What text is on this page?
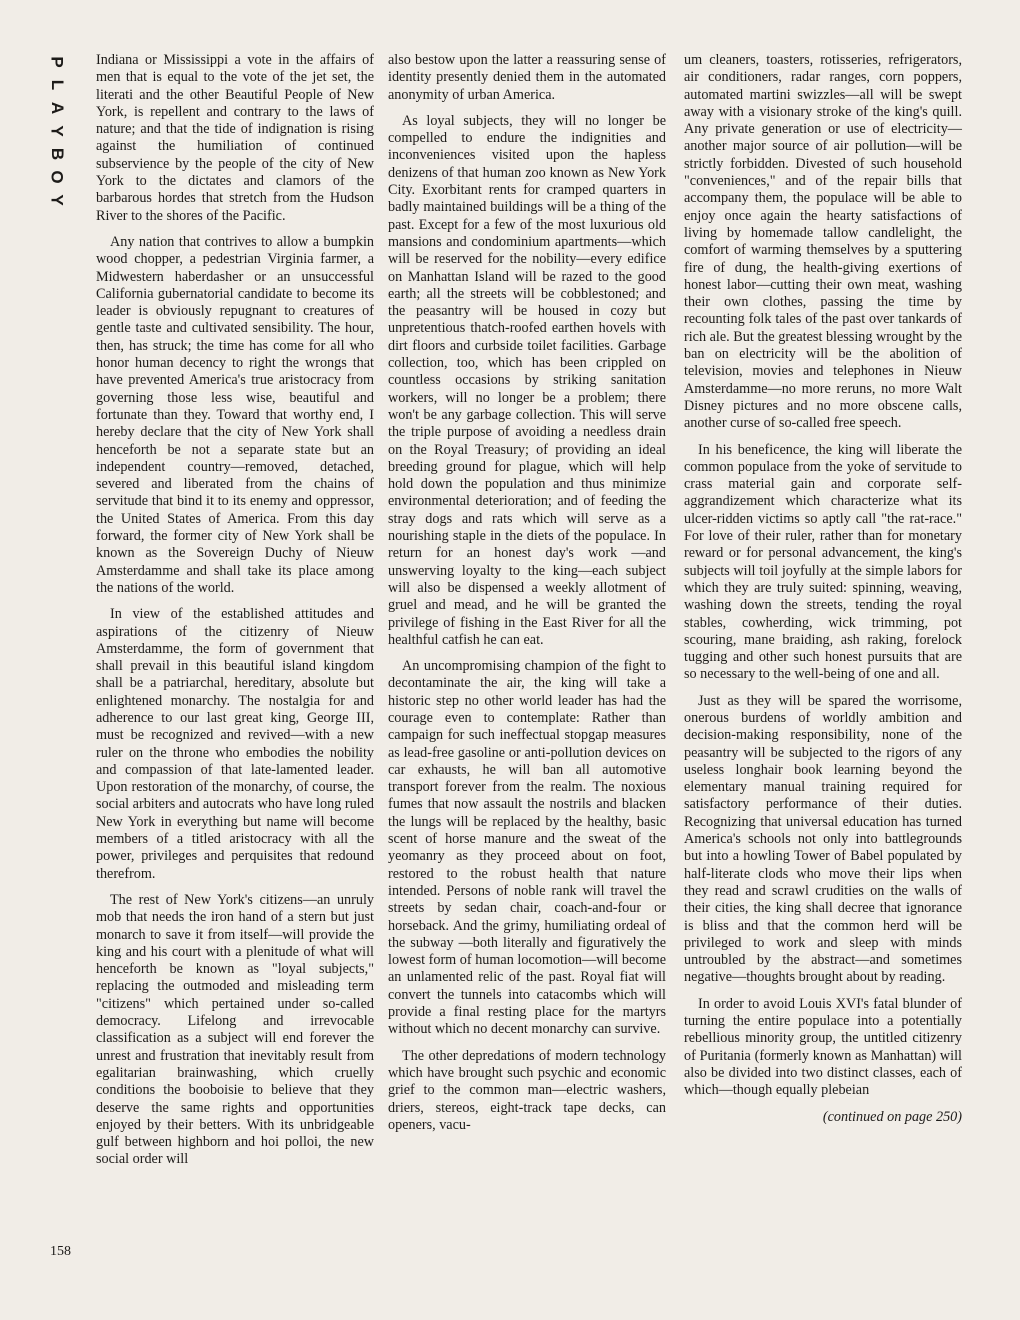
P
L
A
Y
B
O
Y
158

Indiana or Mississippi a vote in the affairs of men that is equal to the vote of the jet set, the literati and the other Beautiful People of New York, is repellent and contrary to the laws of nature; and that the tide of indignation is rising against the humiliation of continued subservience by the people of the city of New York to the dictates and clamors of the barbarous hordes that stretch from the Hudson River to the shores of the Pacific.

Any nation that contrives to allow a bumpkin wood chopper, a pedestrian Virginia farmer, a Midwestern haberdasher or an unsuccessful California gubernatorial candidate to become its leader is obviously repugnant to creatures of gentle taste and cultivated sensibility. The hour, then, has struck; the time has come for all who honor human decency to right the wrongs that have prevented America's true aristocracy from governing those less wise, beautiful and fortunate than they. Toward that worthy end, I hereby declare that the city of New York shall henceforth be not a separate state but an independent country—removed, detached, severed and liberated from the chains of servitude that bind it to its enemy and oppressor, the United States of America. From this day forward, the former city of New York shall be known as the Sovereign Duchy of Nieuw Amsterdamme and shall take its place among the nations of the world.

In view of the established attitudes and aspirations of the citizenry of Nieuw Amsterdamme, the form of government that shall prevail in this beautiful island kingdom shall be a patriarchal, hereditary, absolute but enlightened monarchy. The nostalgia for and adherence to our last great king, George III, must be recognized and revived—with a new ruler on the throne who embodies the nobility and compassion of that late-lamented leader. Upon restoration of the monarchy, of course, the social arbiters and autocrats who have long ruled New York in everything but name will become members of a titled aristocracy with all the power, privileges and perquisites that redound therefrom.

The rest of New York's citizens—an unruly mob that needs the iron hand of a stern but just monarch to save it from itself—will provide the king and his court with a plenitude of what will henceforth be known as "loyal subjects," replacing the outmoded and misleading term "citizens" which pertained under so-called democracy. Lifelong and irrevocable classification as a subject will end forever the unrest and frustration that inevitably result from egalitarian brainwashing, which cruelly conditions the booboisie to believe that they deserve the same rights and opportunities enjoyed by their betters. With its unbridgeable gulf between highborn and hoi polloi, the new social order will

also bestow upon the latter a reassuring sense of identity presently denied them in the automated anonymity of urban America.

As loyal subjects, they will no longer be compelled to endure the indignities and inconveniences visited upon the hapless denizens of that human zoo known as New York City. Exorbitant rents for cramped quarters in badly maintained buildings will be a thing of the past. Except for a few of the most luxurious old mansions and condominium apartments—which will be reserved for the nobility—every edifice on Manhattan Island will be razed to the good earth; all the streets will be cobblestoned; and the peasantry will be housed in cozy but unpretentious thatch-roofed earthen hovels with dirt floors and curbside toilet facilities. Garbage collection, too, which has been crippled on countless occasions by striking sanitation workers, will no longer be a problem; there won't be any garbage collection. This will serve the triple purpose of avoiding a needless drain on the Royal Treasury; of providing an ideal breeding ground for plague, which will help hold down the population and thus minimize environmental deterioration; and of feeding the stray dogs and rats which will serve as a nourishing staple in the diets of the populace. In return for an honest day's work —and unswerving loyalty to the king—each subject will also be dispensed a weekly allotment of gruel and mead, and he will be granted the privilege of fishing in the East River for all the healthful catfish he can eat.

An uncompromising champion of the fight to decontaminate the air, the king will take a historic step no other world leader has had the courage even to contemplate: Rather than campaign for such ineffectual stopgap measures as lead-free gasoline or anti-pollution devices on car exhausts, he will ban all automotive transport forever from the realm. The noxious fumes that now assault the nostrils and blacken the lungs will be replaced by the healthy, basic scent of horse manure and the sweat of the yeomanry as they proceed about on foot, restored to the robust health that nature intended. Persons of noble rank will travel the streets by sedan chair, coach-and-four or horseback. And the grimy, humiliating ordeal of the subway —both literally and figuratively the lowest form of human locomotion—will become an unlamented relic of the past. Royal fiat will convert the tunnels into catacombs which will provide a final resting place for the martyrs without which no decent monarchy can survive.

The other depredations of modern technology which have brought such psychic and economic grief to the common man—electric washers, driers, stereos, eight-track tape decks, can openers, vacu-

um cleaners, toasters, rotisseries, refrigerators, air conditioners, radar ranges, corn poppers, automated martini swizzles—all will be swept away with a visionary stroke of the king's quill. Any private generation or use of electricity—another major source of air pollution—will be strictly forbidden. Divested of such household "conveniences," and of the repair bills that accompany them, the populace will be able to enjoy once again the hearty satisfactions of living by homemade tallow candlelight, the comfort of warming themselves by a sputtering fire of dung, the health-giving exertions of honest labor—cutting their own meat, washing their own clothes, passing the time by recounting folk tales of the past over tankards of rich ale. But the greatest blessing wrought by the ban on electricity will be the abolition of television, movies and telephones in Nieuw Amsterdamme—no more reruns, no more Walt Disney pictures and no more obscene calls, another curse of so-called free speech.

In his beneficence, the king will liberate the common populace from the yoke of servitude to crass material gain and corporate self-aggrandizement which characterize what its ulcer-ridden victims so aptly call "the rat-race." For love of their ruler, rather than for monetary reward or for personal advancement, the king's subjects will toil joyfully at the simple labors for which they are truly suited: spinning, weaving, washing down the streets, tending the royal stables, cowherding, wick trimming, pot scouring, mane braiding, ash raking, forelock tugging and other such honest pursuits that are so necessary to the well-being of one and all.

Just as they will be spared the worrisome, onerous burdens of worldly ambition and decision-making responsibility, none of the peasantry will be subjected to the rigors of any useless longhair book learning beyond the elementary manual training required for satisfactory performance of their duties. Recognizing that universal education has turned America's schools not only into battlegrounds but into a howling Tower of Babel populated by half-literate clods who move their lips when they read and scrawl crudities on the walls of their cities, the king shall decree that ignorance is bliss and that the common herd will be privileged to work and sleep with minds untroubled by the abstract—and sometimes negative—thoughts brought about by reading.

In order to avoid Louis XVI's fatal blunder of turning the entire populace into a potentially rebellious minority group, the untitled citizenry of Puritania (formerly known as Manhattan) will also be divided into two distinct classes, each of which—though equally plebeian

(continued on page 250)
